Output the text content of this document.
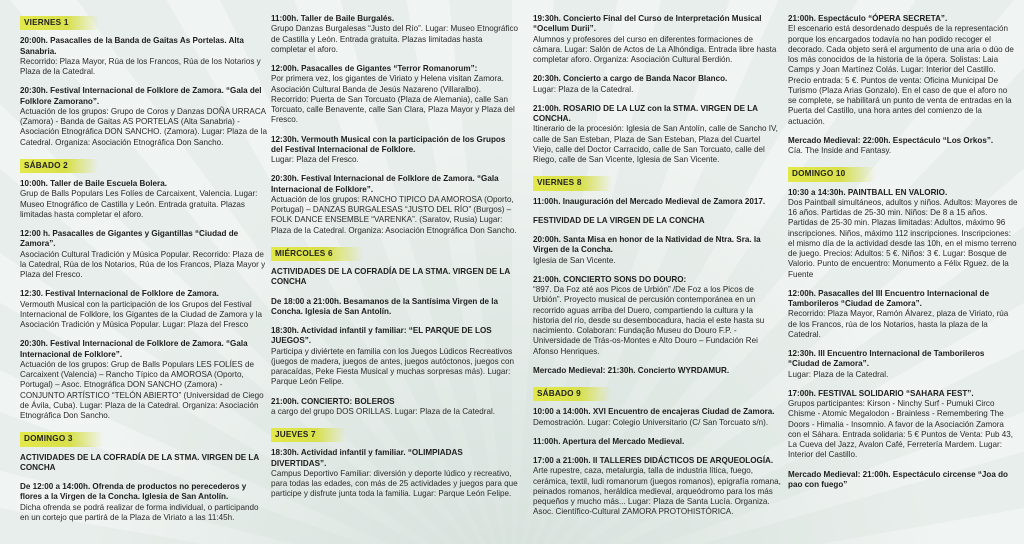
VIERNES 1

20:00h. Pasacalles de la Banda de Gaitas As Portelas. Alta Sanabria.
Recorrido: Plaza Mayor, Rúa de los Francos, Rúa de los Notarios y Plaza de la Catedral.
20:30h. Festival Internacional de Folklore de Zamora. “Gala del Folklore Zamorano”.
Actuación de los grupos: Grupo de Coros y Danzas DOÑA URRACA (Zamora) - Banda de Gaitas AS PORTELAS (Alta Sanabria) - Asociación Etnográfica DON SANCHO. (Zamora). Lugar: Plaza de la Catedral. Organiza: Asociación Etnográfica Don Sancho.
SÁBADO 2

10:00h. Taller de Baile Escuela Bolera.
Grup de Balls Populars Les Folíes de Carcaixent, Valencia. Lugar: Museo Etnográfico de Castilla y León. Entrada gratuita. Plazas limitadas hasta completar el aforo.
12:00 h. Pasacalles de Gigantes y Gigantillas “Ciudad de Zamora”.
Asociación Cultural Tradición y Música Popular. Recorrido: Plaza de la Catedral, Rúa de los Notarios, Rúa de los Francos, Plaza Mayor y Plaza del Fresco.
12:30. Festival Internacional de Folklore de Zamora.
Vermouth Musical con la participación de los Grupos del Festival Internacional de Folklore, los Gigantes de la Ciudad de Zamora y la Asociación Tradición y Música Popular. Lugar: Plaza del Fresco
20:30h. Festival Internacional de Folklore de Zamora. “Gala Internacional de Folklore”.
Actuación de los grupos: Grup de Balls Populars LES FOLÍES de Carcaixent (Valencia) – Rancho Típico da AMOROSA (Oporto, Portugal) – Asoc. Etnográfica DON SANCHO (Zamora) - CONJUNTO ARTÍSTICO “TELÓN ABIERTO” (Universidad de Ciego de Ávila, Cuba). Lugar: Plaza de la Catedral. Organiza: Asociación Etnográfica Don Sancho.
DOMINGO 3

ACTIVIDADES DE LA COFRADÍA DE LA STMA. VIRGEN DE LA CONCHA
De 12:00 a 14:00h. Ofrenda de productos no perecederos y flores a la Virgen de la Concha. Iglesia de San Antolín.
Dicha ofrenda se podrá realizar de forma individual, o participando en un cortejo que partirá de la Plaza de Viriato a las 11:45h.
11:00h. Taller de Baile Burgalés.
Grupo Danzas Burgalesas “Justo del Río”. Lugar: Museo Etnográfico de Castilla y León. Entrada gratuita. Plazas limitadas hasta completar el aforo.
12:00h. Pasacalles de Gigantes “Terror Romanorum”:
Por primera vez, los gigantes de Viriato y Helena visitan Zamora. Asociación Cultural Banda de Jesús Nazareno (Villaralbo). Recorrido: Puerta de San Torcuato (Plaza de Alemania), calle San Torcuato, calle Benavente, calle San Clara, Plaza Mayor y Plaza del Fresco.
12:30h. Vermouth Musical con la participación de los Grupos del Festival Internacional de Folklore.
Lugar: Plaza del Fresco.
20:30h. Festival Internacional de Folklore de Zamora. “Gala Internacional de Folklore”.
Actuación de los grupos: RANCHO TIPICO DA AMOROSA (Oporto, Portugal) – DANZAS BURGALESAS “JUSTO DEL RÍO” (Burgos) – FOLK DANCE ENSEMBLE “VARENKA”. (Saratov, Rusia) Lugar: Plaza de la Catedral. Organiza: Asociación Etnográfica Don Sancho.
MIÉRCOLES 6

ACTIVIDADES DE LA COFRADÍA DE LA STMA. VIRGEN DE LA CONCHA
De 18:00 a 21:00h. Besamanos de la Santísima Virgen de la Concha. Iglesia de San Antolín.
18:30h. Actividad infantil y familiar: “EL PARQUE DE LOS JUEGOS”.
Participa y diviértete en familia con los Juegos Lúdicos Recreativos (juegos de madera, juegos de antes, juegos autóctonos, juegos con paracaídas, Peke Fiesta Musical y muchas sorpresas más). Lugar: Parque León Felipe.
21:00h. CONCIERTO: BOLEROS
a cargo del grupo DOS ORILLAS. Lugar: Plaza de la Catedral.
JUEVES 7

18:30h. Actividad infantil y familiar. “OLIMPIADAS DIVERTIDAS”.
Campus Deportivo Familiar: diversión y deporte lúdico y recreativo, para todas las edades, con más de 25 actividades y juegos para que participe y disfrute junta toda la familia. Lugar: Parque León Felipe.
19:30h. Concierto Final del Curso de Interpretación Musical “Ocellum Durii”.
Alumnos y profesores del curso en diferentes formaciones de cámara. Lugar: Salón de Actos de La Alhóndiga. Entrada libre hasta completar aforo. Organiza: Asociación Cultural Berdión.
20:30h. Concierto a cargo de Banda Nacor Blanco.
Lugar: Plaza de la Catedral.
21:00h. ROSARIO DE LA LUZ con la STMA. VIRGEN DE LA CONCHA.
Itinerario de la procesión: Iglesia de San Antolín, calle de Sancho IV, calle de San Esteban, Plaza de San Esteban, Plaza del Cuartel Viejo, calle del Doctor Carracido, calle de San Torcuato, calle del Riego, calle de San Vicente, Iglesia de San Vicente.
VIERNES 8

11:00h. Inauguración del Mercado Medieval de Zamora 2017.
FESTIVIDAD DE LA VIRGEN DE LA CONCHA
20:00h. Santa Misa en honor de la Natividad de Ntra. Sra. la Virgen de la Concha.
Iglesia de San Vicente.
21:00h. CONCIERTO SONS DO DOURO:
“897. Da Foz até aos Picos de Urbión” /De Foz a los Picos de Urbión”. Proyecto musical de percusión contemporánea en un recorrido aguas arriba del Duero, compartiendo la cultura y la historia del río, desde su desembocadura, hacia el este hasta su nacimiento. Colaboran: Fundação Museu do Douro F.P. - Universidade de Trás-os-Montes e Alto Douro – Fundación Rei Afonso Henriques.
Mercado Medieval: 21:30h. Concierto WYRDAMUR.
SÁBADO 9

10:00 a 14:00h. XVI Encuentro de encajeras Ciudad de Zamora.
Demostración. Lugar: Colegio Universitario (C/ San Torcuato s/n).
11:00h. Apertura del Mercado Medieval.
17:00 a 21:00h. II TALLERES DIDÁCTICOS DE ARQUEOLOGÍA.
Arte rupestre, caza, metalurgia, talla de industria lítica, fuego, cerámica, textil, ludi romanorum (juegos romanos), epigrafía romana, peinados romanos, heráldica medieval, arqueódromo para los más pequeños y mucho más... Lugar: Plaza de Santa Lucía. Organiza. Asoc. Científico-Cultural ZAMORA PROTOHISTÓRICA.
21:00h. Espectáculo “ÓPERA SECRETA”.
El escenario está desordenado después de la representación porque los encargados todavía no han podido recoger el decorado. Cada objeto será el argumento de una aria o dúo de los más conocidos de la historia de la ópera. Solistas: Laia Camps y Joan Martínez Colás. Lugar: Interior del Castillo. Precio entrada: 5 €. Puntos de venta: Oficina Municipal De Turismo (Plaza Arias Gonzalo). En el caso de que el aforo no se complete, se habilitará un punto de venta de entradas en la Puerta del Castillo, una hora antes del comienzo de la actuación.
Mercado Medieval: 22:00h. Espectáculo “Los Orkos”.
Cía. The Inside and Fantasy.
DOMINGO 10

10:30 a 14:30h. PAINTBALL EN VALORIO.
Dos Paintball simultáneos, adultos y niños. Adultos: Mayores de 16 años. Partidas de 25-30 min. Niños: De 8 a 15 años. Partidas de 25-30 min. Plazas limitadas: Adultos, máximo 96 inscripciones. Niños, máximo 112 inscripciones. Inscripciones: el mismo día de la actividad desde las 10h, en el mismo terreno de juego. Precios: Adultos: 5 €. Niños: 3 €. Lugar: Bosque de Valorio. Punto de encuentro: Monumento a Félix Rguez. de la Fuente
12:00h. Pasacalles del III Encuentro Internacional de Tamborileros “Ciudad de Zamora”.
Recorrido: Plaza Mayor, Ramón Álvarez, plaza de Viriato, rúa de los Francos, rúa de los Notarios, hasta la plaza de la Catedral.
12:30h. III Encuentro Internacional de Tamborileros “Ciudad de Zamora”.
Lugar: Plaza de la Catedral.
17:00h. FESTIVAL SOLIDARIO “SAHARA FEST”.
Grupos participantes: Kirson - Ninchy Surf - Pumuki Circo Chisme - Atomic Megalodon - Brainless - Remembering The Doors - Himalia - Insomnio. A favor de la Asociación Zamora con el Sáhara. Entrada solidaria: 5 € Puntos de Venta: Pub 43, La Cueva del Jazz, Avalon Café, Ferretería Mardem. Lugar: Interior del Castillo.
Mercado Medieval: 21:00h. Espectáculo circense “Joa do pao con fuego”
